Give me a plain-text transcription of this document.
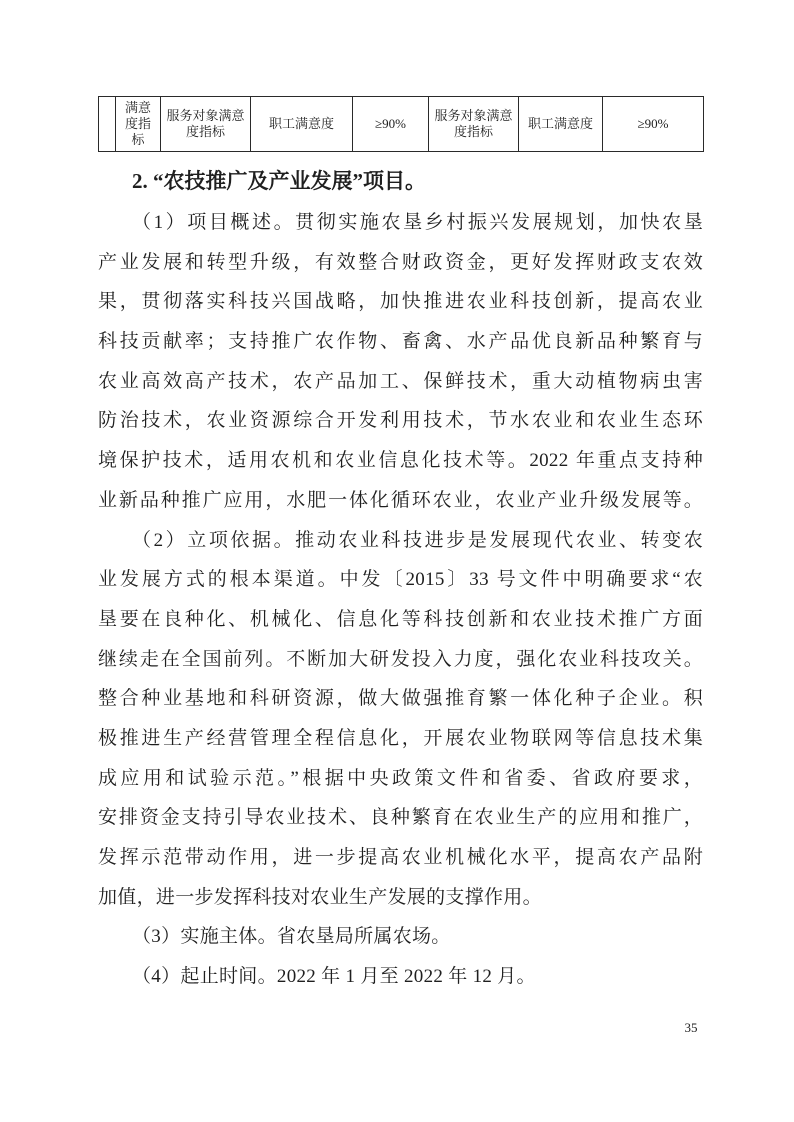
	满意度指标	服务对象满意度指标	职工满意度	≥90%	服务对象满意度指标	职工满意度	≥90%
2. “农技推广及产业发展”项目。
（1）项目概述。贯彻实施农垦乡村振兴发展规划，加快农垦
产业发展和转型升级，有效整合财政资金，更好发挥财政支农效
果，贯彻落实科技兴国战略，加快推进农业科技创新，提高农业
科技贡献率；支持推广农作物、畜禽、水产品优良新品种繁育与
农业高效高产技术，农产品加工、保鲜技术，重大动植物病虫害
防治技术，农业资源综合开发利用技术，节水农业和农业生态环
境保护技术，适用农机和农业信息化技术等。2022 年重点支持种
业新品种推广应用，水肥一体化循环农业，农业产业升级发展等。
（2）立项依据。推动农业科技进步是发展现代农业、转变农
业发展方式的根本渠道。中发〔2015〕33 号文件中明确要求“农
垦要在良种化、机械化、信息化等科技创新和农业技术推广方面
继续走在全国前列。不断加大研发投入力度，强化农业科技攻关。
整合种业基地和科研资源，做大做强推育繁一体化种子企业。积
极推进生产经营管理全程信息化，开展农业物联网等信息技术集
成应用和试验示范。”根据中央政策文件和省委、省政府要求，
安排资金支持引导农业技术、良种繁育在农业生产的应用和推广，
发挥示范带动作用，进一步提高农业机械化水平，提高农产品附
加值，进一步发挥科技对农业生产发展的支撑作用。
（3）实施主体。省农垦局所属农场。
（4）起止时间。2022 年 1 月至 2022 年 12 月。
35
